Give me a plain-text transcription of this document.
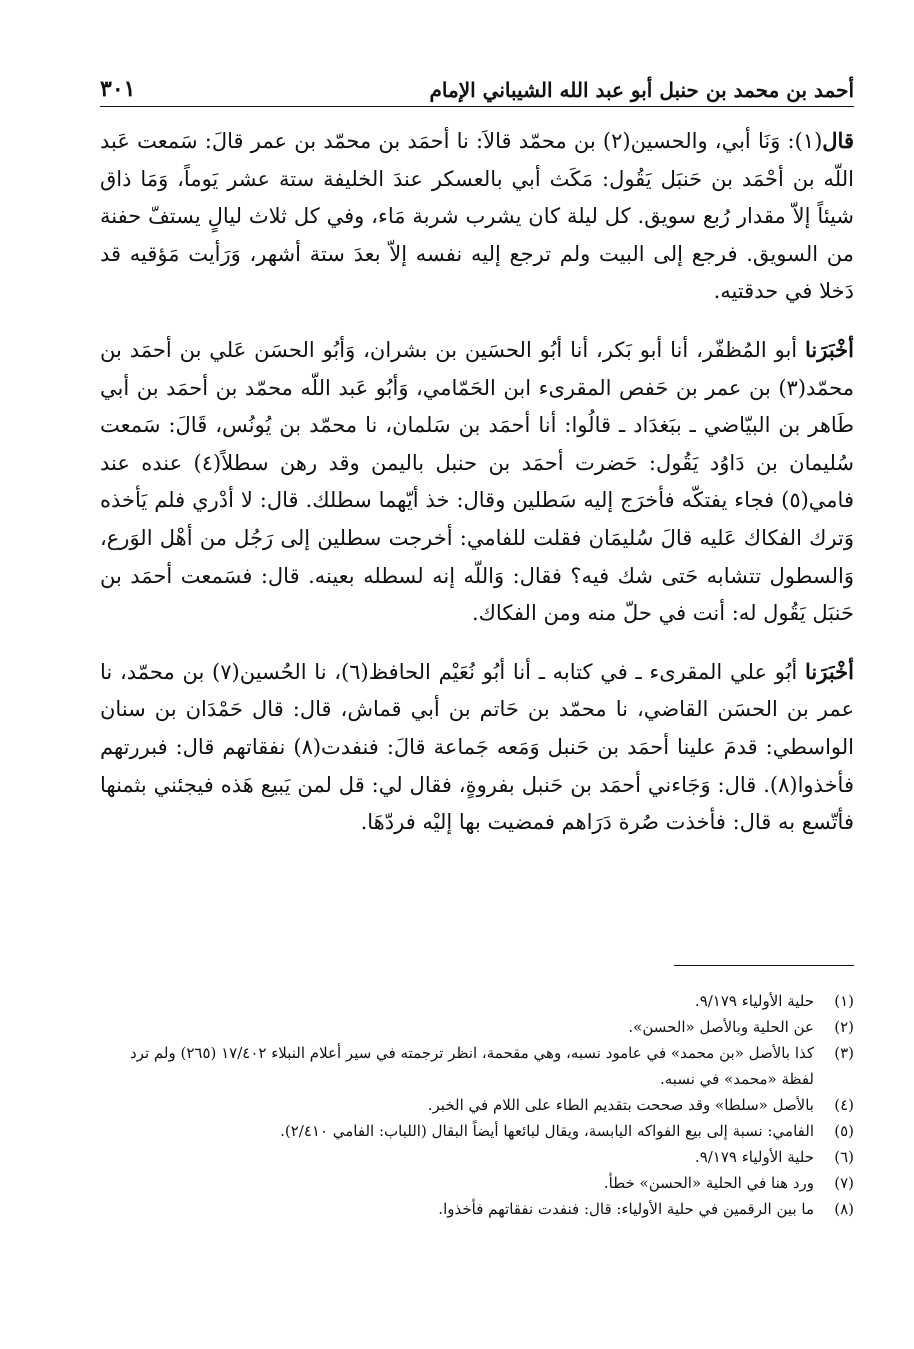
أحمد بن محمد بن حنبل أبو عبد الله الشيباني الإمام
٣٠١

قال(١): وَنَا أبي، والحسين(٢) بن محمّد قالاَ: نا أحمَد بن محمّد بن عمر قالَ: سَمعت عَبد اللّه بن أحْمَد بن حَنبَل يَقُول: مَكَث أبي بالعسكر عندَ الخليفة ستة عشر يَوماً، وَمَا ذاق شيئاً إلاّ مقدار رُبع سويق. كل ليلة كان يشرب شربة مَاء، وفي كل ثلاث ليالٍ يستفّ حفنة من السويق. فرجع إلى البيت ولم ترجع إليه نفسه إلاّ بعدَ ستة أشهر، وَرَأيت مَؤقيه قد دَخلا في حدقتيه.

أخْبَرَنا أبو المُظفّر، أنا أبو بَكر، أنا أبُو الحسَين بن بشران، وَأبُو الحسَن عَلي بن أحمَد بن محمّد(٣) بن عمر بن حَفص المقرىء ابن الحَمّامي، وَأبُو عَبد اللّه محمّد بن أحمَد بن أبي طَاهر بن البيّاضي ـ ببَغدَاد ـ قالُوا: أنا أحمَد بن سَلمان، نا محمّد بن يُونُس، قَالَ: سَمعت سُليمان بن دَاوُد يَقُول: حَضرت أحمَد بن حنبل باليمن وقد رهن سطلاً(٤) عنده عند فامي(٥) فجاء يفتكّه فأخرَج إليه سَطلين وقال: خذ أيّهما سطلك. قال: لا أدْري فلم يَأخذه وَترك الفكاك عَليه قالَ سُليمَان فقلت للفامي: أخرجت سطلين إلى رَجُل من أهْل الوَرع، وَالسطول تتشابه حَتى شك فيه؟ فقال: وَاللّه إنه لسطله بعينه. قال: فسَمعت أحمَد بن حَنبَل يَقُول له: أنت في حلّ منه ومن الفكاك.

أخْبَرَنا أبُو علي المقرىء ـ في كتابه ـ أنا أبُو نُعَيْم الحافظ(٦)، نا الحُسين(٧) بن محمّد، نا عمر بن الحسَن القاضي، نا محمّد بن حَاتم بن أبي قماش، قال: قال حَمْدَان بن سنان الواسطي: قدمَ علينا أحمَد بن حَنبل وَمَعه جَماعة قالَ: فنفدت(٨) نفقاتهم قال: فبررتهم فأخذوا(٨). قال: وَجَاءني أحمَد بن حَنبل بفروةٍ، فقال لي: قل لمن يَبيع هَذه فيجئني بثمنها فأتّسع به قال: فأخذت صُرة دَرَاهم فمضيت بها إليْه فردّهَا.

(١)
حلية الأولياء ٩/١٧٩.
(٢)
عن الحلية وبالأصل «الحسن».
(٣)
كذا بالأصل «بن محمد» في عامود نسبه، وهي مقحمة، انظر ترجمته في سير أعلام النبلاء ١٧/٤٠٢ (٢٦٥) ولم ترد لفظة «محمد» في نسبه.
(٤)
بالأصل «سلطا» وقد صححت بتقديم الطاء على اللام في الخبر.
(٥)
الفامي: نسبة إلى بيع الفواكه اليابسة، ويقال لبائعها أيضاً البقال (اللباب: الفامي ٢/٤١٠).
(٦)
حلية الأولياء ٩/١٧٩.
(٧)
ورد هنا في الحلية «الحسن» خطأ.
(٨)
ما بين الرقمين في حلية الأولياء: قال: فنفدت نفقاتهم فأخذوا.
